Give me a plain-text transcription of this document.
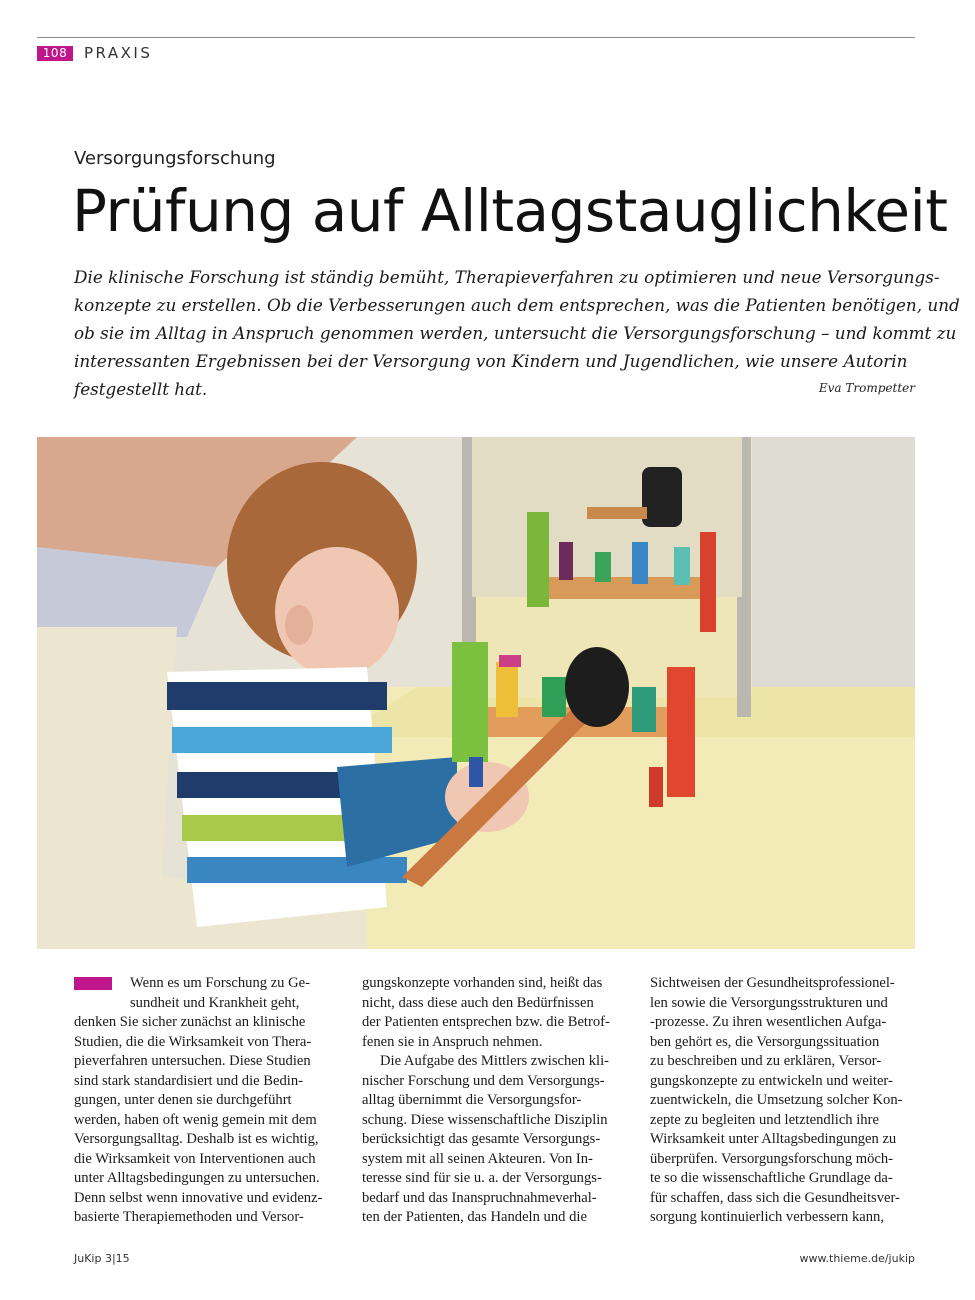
108	PRAXIS
Versorgungsforschung
Prüfung auf Alltagstauglichkeit

Die klinische Forschung ist ständig bemüht, Therapieverfahren zu optimieren und neue Versorgungs-

konzepte zu erstellen. Ob die Verbesserungen auch dem entsprechen, was die Patienten benötigen, und

ob sie im Alltag in Anspruch genommen werden, untersucht die Versorgungsforschung – und kommt zu

interessanten Ergebnissen bei der Versorgung von Kindern und Jugendlichen, wie unsere Autorin

festgestellt hat.	Eva Trompetter

Wenn es um Forschung zu Ge-

sundheit und Krankheit geht,

denken Sie sicher zunächst an klinische

Studien, die die Wirksamkeit von Thera-

pieverfahren untersuchen. Diese Studien

sind stark standardisiert und die Bedin-

gungen, unter denen sie durchgeführt

werden, haben oft wenig gemein mit dem

Versorgungsalltag. Deshalb ist es wichtig,

die Wirksamkeit von Interventionen auch

unter Alltagsbedingungen zu untersuchen.

Denn selbst wenn innovative und evidenz-

basierte Therapiemethoden und Versor-

gungskonzepte vorhanden sind, heißt das

nicht, dass diese auch den Bedürfnissen

der Patienten entsprechen bzw. die Betrof-

fenen sie in Anspruch nehmen.

Die Aufgabe des Mittlers zwischen kli-

nischer Forschung und dem Versorgungs-

alltag übernimmt die Versorgungsfor-

schung. Diese wissenschaftliche Disziplin

berücksichtigt das gesamte Versorgungs-

system mit all seinen Akteuren. Von In-

teresse sind für sie u. a. der Versorgungs-

bedarf und das Inanspruchnahmeverhal-

ten der Patienten, das Handeln und die

Sichtweisen der Gesundheitsprofessionel-

len sowie die Versorgungsstrukturen und

-prozesse. Zu ihren wesentlichen Aufga-

ben gehört es, die Versorgungssituation

zu beschreiben und zu erklären, Versor-

gungskonzepte zu entwickeln und weiter-

zuentwickeln, die Umsetzung solcher Kon-

zepte zu begleiten und letztendlich ihre

Wirksamkeit unter Alltagsbedingungen zu

überprüfen. Versorgungsforschung möch-

te so die wissenschaftliche Grundlage da-

für schaffen, dass sich die Gesundheitsver-

sorgung kontinuierlich verbessern kann,

JuKip 3|15	www.thieme.de/jukip
